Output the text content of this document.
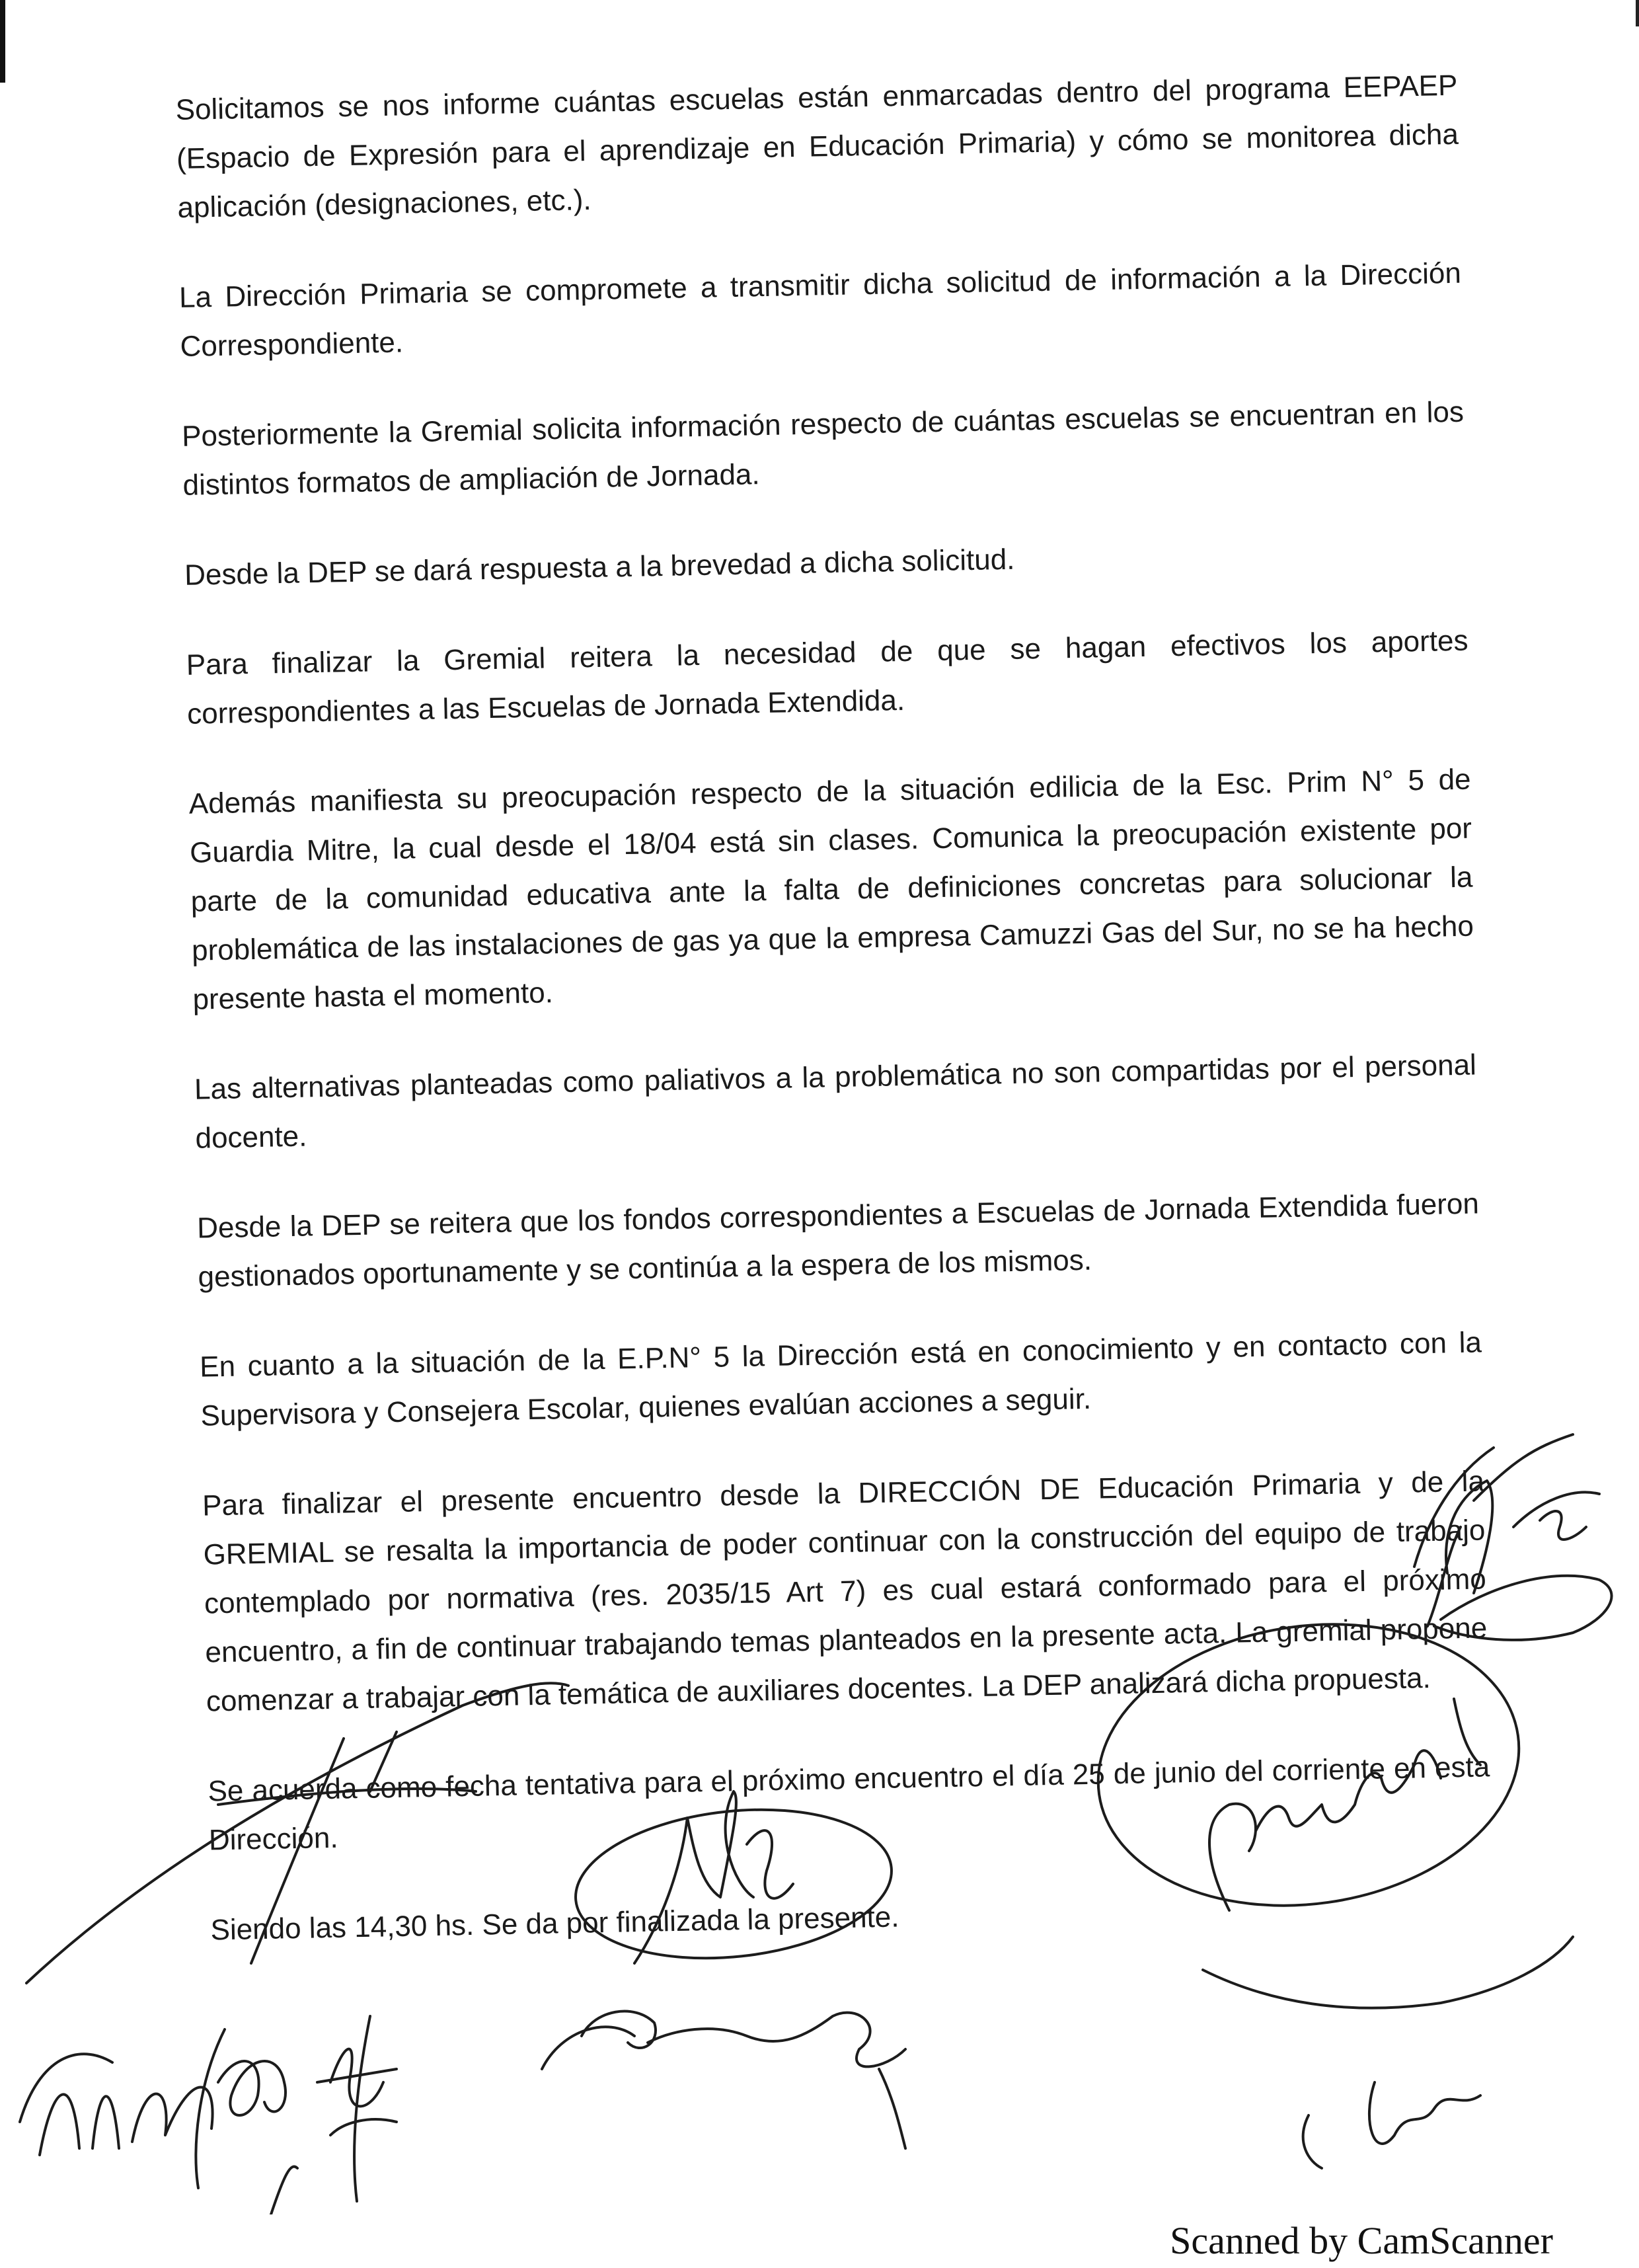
Solicitamos se nos informe cuántas escuelas están enmarcadas dentro del programa EEPAEP (Espacio de Expresión para el aprendizaje en Educación Primaria) y cómo se monitorea dicha aplicación (designaciones, etc.).

La Dirección Primaria se compromete a transmitir dicha solicitud de información a la Dirección Correspondiente.

Posteriormente la Gremial solicita información respecto de cuántas escuelas se encuentran en los distintos formatos de ampliación de Jornada.

Desde la DEP se dará respuesta a la brevedad a dicha solicitud.

Para finalizar la Gremial reitera la necesidad de que se hagan efectivos los aportes correspondientes a las Escuelas de Jornada Extendida.

Además manifiesta su preocupación respecto de la situación edilicia de la Esc. Prim N° 5 de Guardia Mitre, la cual desde el 18/04 está sin clases. Comunica la preocupación existente por parte de la comunidad educativa ante la falta de definiciones concretas para solucionar la problemática de las instalaciones de gas ya que la empresa Camuzzi Gas del Sur, no se ha hecho presente hasta el momento.

Las alternativas planteadas como paliativos a la problemática no son compartidas por el personal docente.

Desde la DEP se reitera que los fondos correspondientes a Escuelas de Jornada Extendida fueron gestionados oportunamente y se continúa a la espera de los mismos.

En cuanto a la situación de la E.P.N° 5 la Dirección está en conocimiento y en contacto con la Supervisora y Consejera Escolar, quienes evalúan acciones a seguir.

Para finalizar el presente encuentro desde la DIRECCIÓN DE Educación Primaria y de la GREMIAL se resalta la importancia de poder continuar con la construcción del equipo de trabajo contemplado por normativa (res. 2035/15 Art 7) es cual estará conformado para el próximo encuentro, a fin de continuar trabajando temas planteados en la presente acta. La gremial propone comenzar a trabajar con la temática de auxiliares docentes. La DEP analizará dicha propuesta.

Se acuerda como fecha tentativa para el próximo encuentro el día 25 de junio del corriente en esta Dirección.

Siendo las 14,30 hs. Se da por finalizada la presente.

Scanned by CamScanner
